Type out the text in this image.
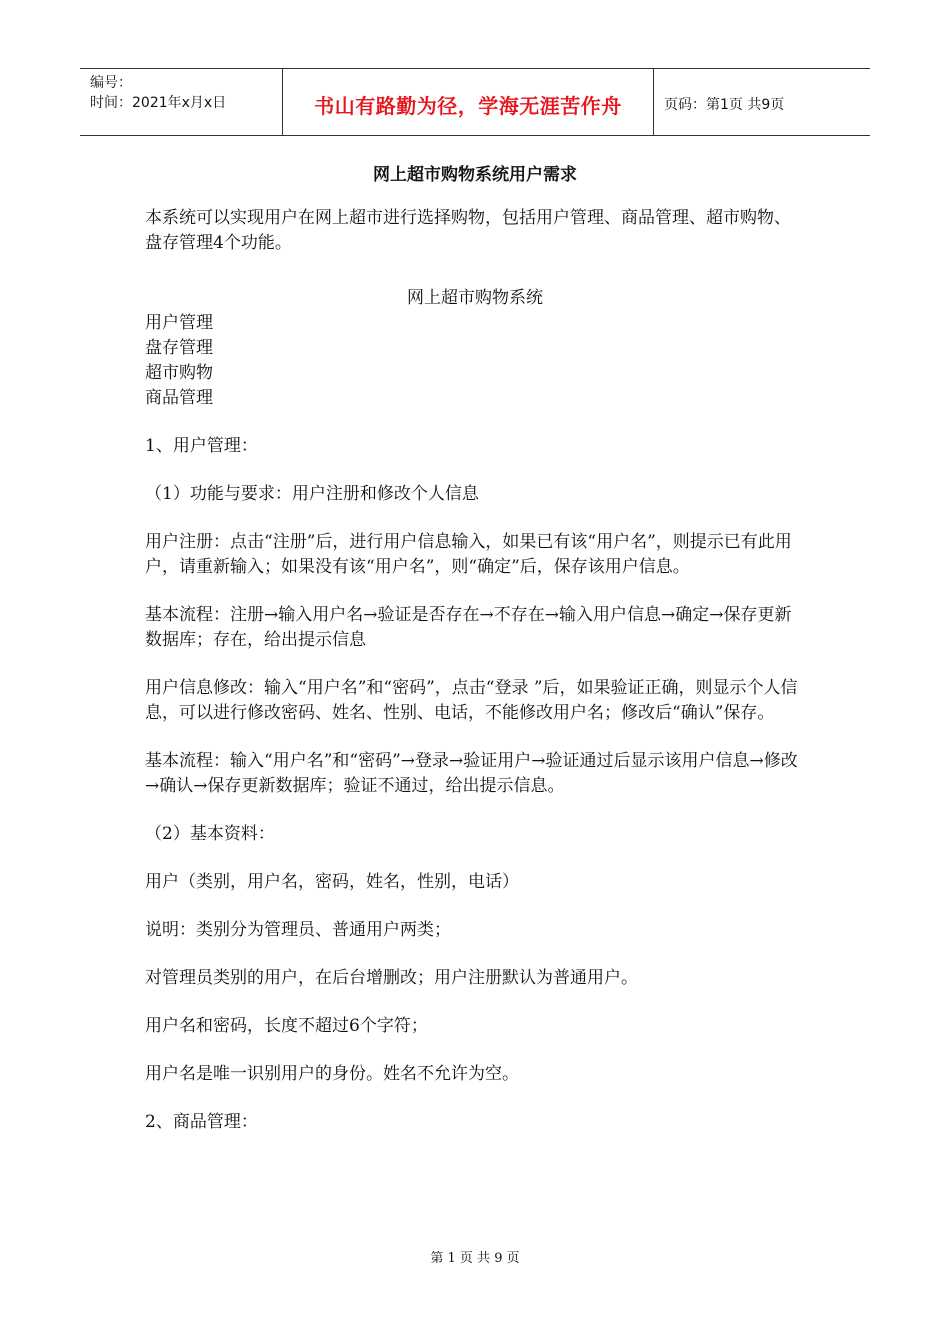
编号：
时间：2021年x月x日	书山有路勤为径，学海无涯苦作舟	页码：第1页 共9页
网上超市购物系统用户需求

本系统可以实现用户在网上超市进行选择购物，包括用户管理、商品管理、超市购物、盘存管理4个功能。

网上超市购物系统

用户管理

盘存管理

超市购物

商品管理

1、用户管理：

（1）功能与要求：用户注册和修改个人信息

用户注册：点击“注册”后，进行用户信息输入，如果已有该“用户名”，则提示已有此用户，请重新输入；如果没有该“用户名”，则“确定”后，保存该用户信息。

基本流程：注册→输入用户名→验证是否存在→不存在→输入用户信息→确定→保存更新数据库；存在，给出提示信息

用户信息修改：输入“用户名”和“密码”，点击“登录 ”后，如果验证正确，则显示个人信息，可以进行修改密码、姓名、性别、电话，不能修改用户名；修改后“确认”保存。

基本流程：输入“用户名”和“密码”→登录→验证用户→验证通过后显示该用户信息→修改→确认→保存更新数据库；验证不通过，给出提示信息。

（2）基本资料：

用户（类别，用户名，密码，姓名，性别，电话）

说明：类别分为管理员、普通用户两类；

对管理员类别的用户，在后台增删改；用户注册默认为普通用户。

用户名和密码，长度不超过6个字符；

用户名是唯一识别用户的身份。姓名不允许为空。

2、商品管理：

第 1 页 共 9 页
